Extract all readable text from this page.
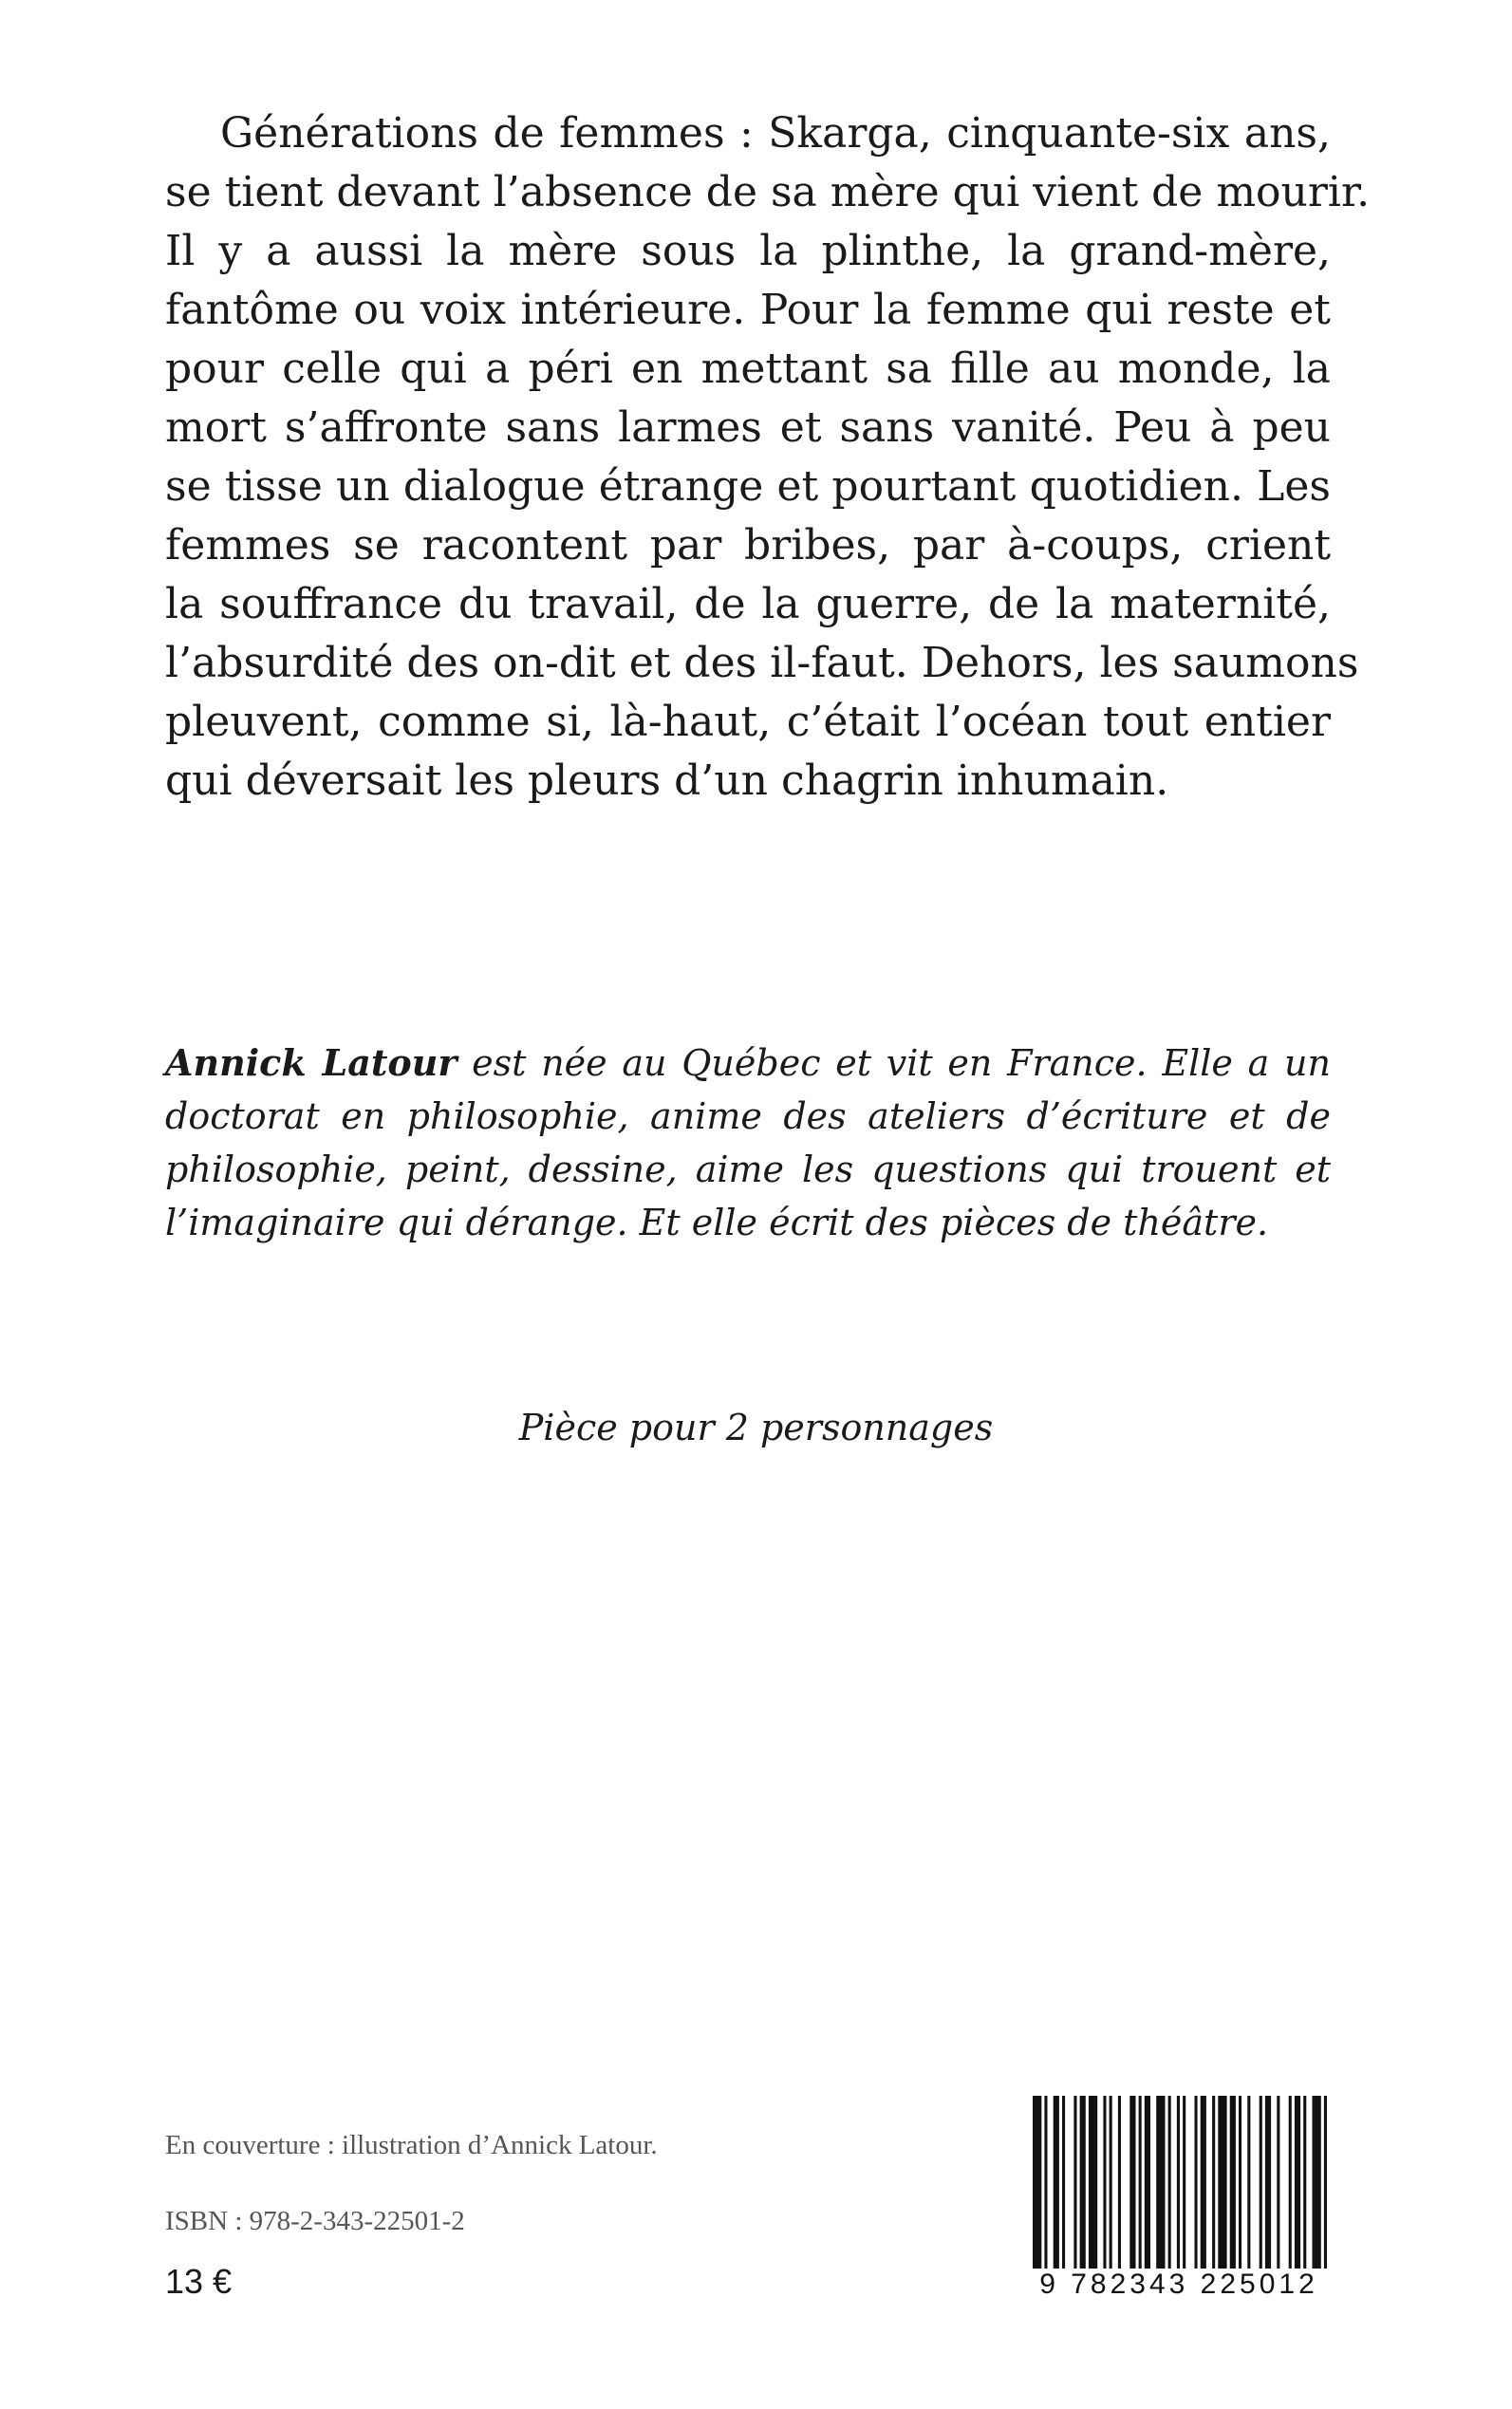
Générations de femmes : Skarga, cinquante-six ans,
se tient devant l’absence de sa mère qui vient de mourir.
Il y a aussi la mère sous la plinthe, la grand-mère,
fantôme ou voix intérieure. Pour la femme qui reste et
pour celle qui a péri en mettant sa fille au monde, la
mort s’affronte sans larmes et sans vanité. Peu à peu
se tisse un dialogue étrange et pourtant quotidien. Les
femmes se racontent par bribes, par à-coups, crient
la souffrance du travail, de la guerre, de la maternité,
l’absurdité des on-dit et des il-faut. Dehors, les saumons
pleuvent, comme si, là-haut, c’était l’océan tout entier
qui déversait les pleurs d’un chagrin inhumain.
Annick Latour est née au Québec et vit en France. Elle a un
doctorat en philosophie, anime des ateliers d’écriture et de
philosophie, peint, dessine, aime les questions qui trouent et
l’imaginaire qui dérange. Et elle écrit des pièces de théâtre.
Pièce pour 2 personnages
En couverture : illustration d’Annick Latour.
ISBN : 978-2-343-22501-2
13 €	9 782343 225012
